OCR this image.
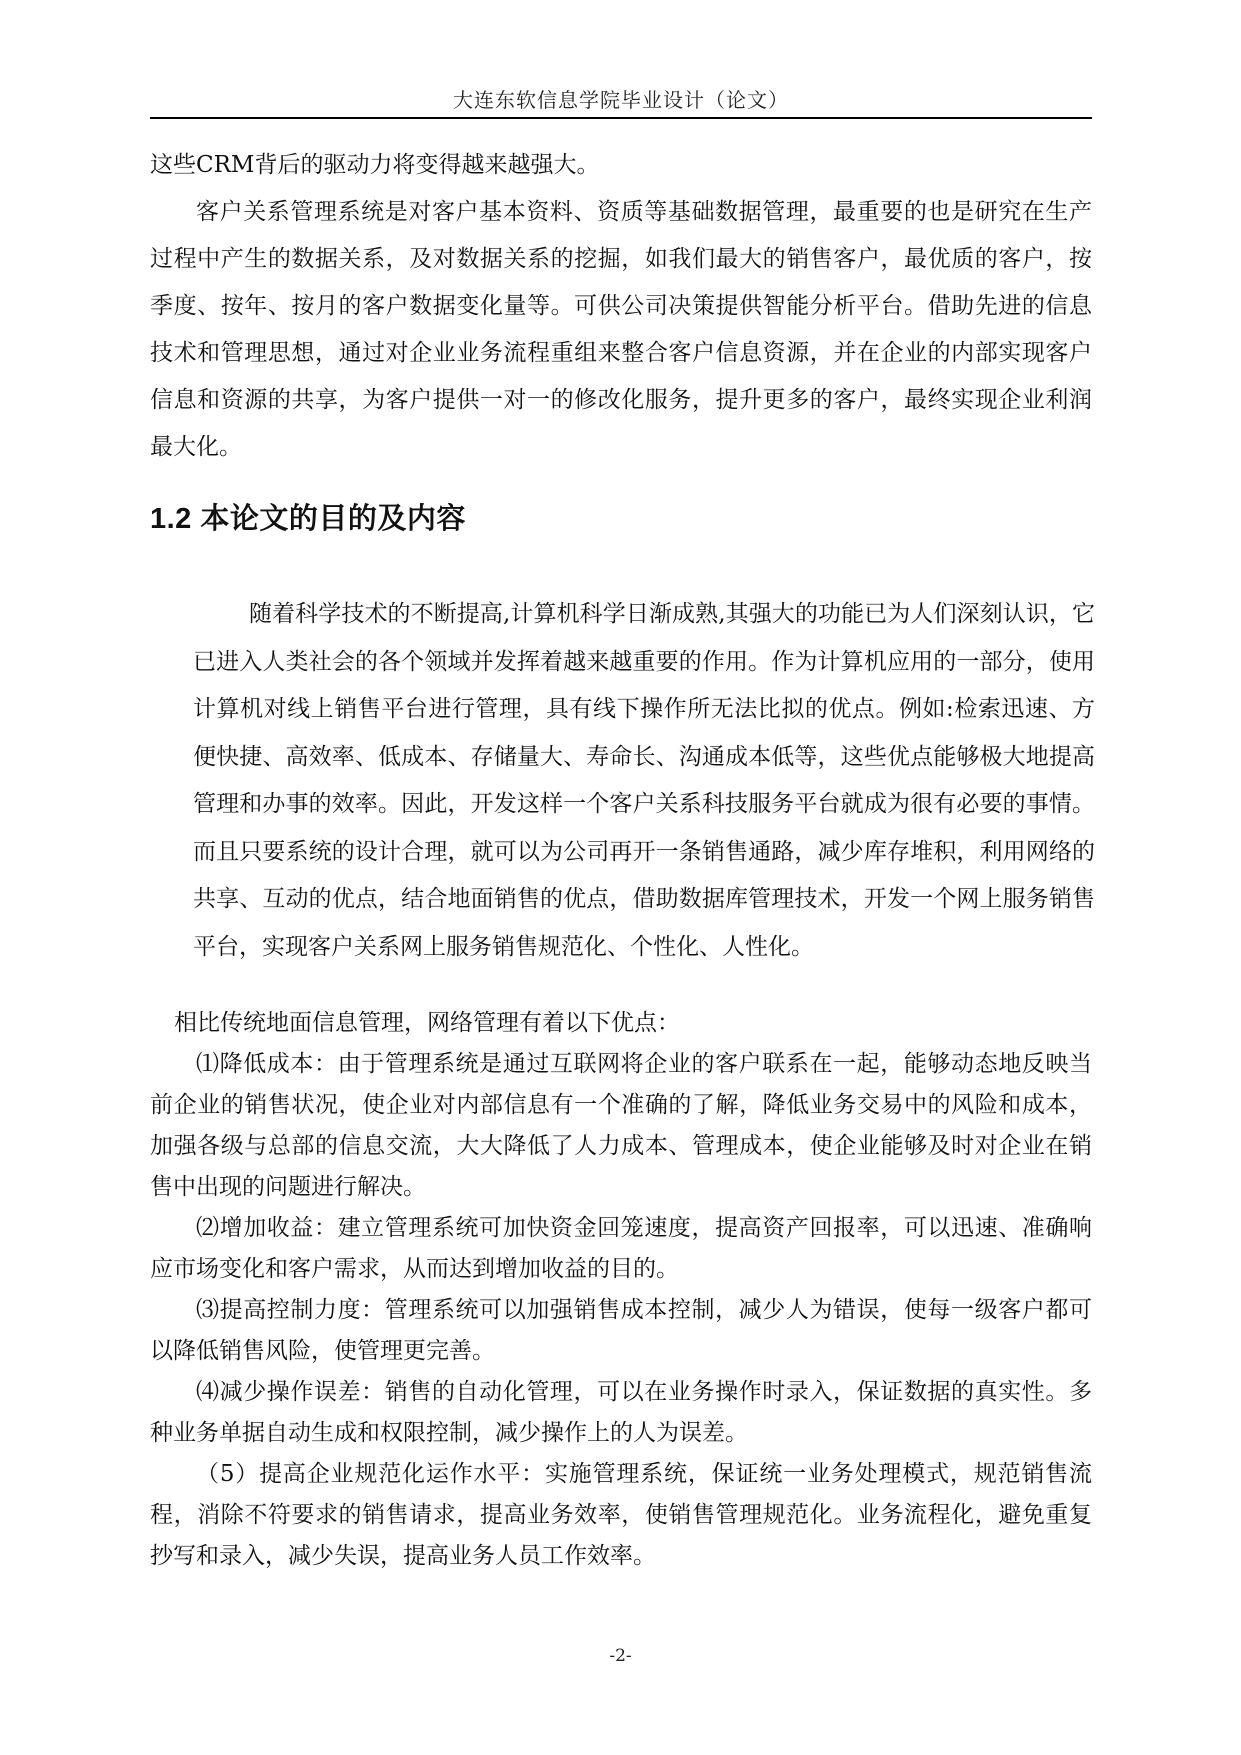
大连东软信息学院毕业设计（论文）

这些CRM背后的驱动力将变得越来越强大。

客户关系管理系统是对客户基本资料、资质等基础数据管理，最重要的也是研究在生产过程中产生的数据关系，及对数据关系的挖掘，如我们最大的销售客户，最优质的客户，按季度、按年、按月的客户数据变化量等。可供公司决策提供智能分析平台。借助先进的信息技术和管理思想，通过对企业业务流程重组来整合客户信息资源，并在企业的内部实现客户信息和资源的共享，为客户提供一对一的修改化服务，提升更多的客户，最终实现企业利润最大化。

1.2 本论文的目的及内容

随着科学技术的不断提高,计算机科学日渐成熟,其强大的功能已为人们深刻认识，它已进入人类社会的各个领域并发挥着越来越重要的作用。作为计算机应用的一部分，使用计算机对线上销售平台进行管理，具有线下操作所无法比拟的优点。例如:检索迅速、方便快捷、高效率、低成本、存储量大、寿命长、沟通成本低等，这些优点能够极大地提高管理和办事的效率。因此，开发这样一个客户关系科技服务平台就成为很有必要的事情。而且只要系统的设计合理，就可以为公司再开一条销售通路，减少库存堆积，利用网络的共享、互动的优点，结合地面销售的优点，借助数据库管理技术，开发一个网上服务销售平台，实现客户关系网上服务销售规范化、个性化、人性化。

相比传统地面信息管理，网络管理有着以下优点：

⑴降低成本：由于管理系统是通过互联网将企业的客户联系在一起，能够动态地反映当前企业的销售状况，使企业对内部信息有一个准确的了解，降低业务交易中的风险和成本，加强各级与总部的信息交流，大大降低了人力成本、管理成本，使企业能够及时对企业在销售中出现的问题进行解决。

⑵增加收益：建立管理系统可加快资金回笼速度，提高资产回报率，可以迅速、准确响应市场变化和客户需求，从而达到增加收益的目的。

⑶提高控制力度：管理系统可以加强销售成本控制，减少人为错误，使每一级客户都可以降低销售风险，使管理更完善。

⑷减少操作误差：销售的自动化管理，可以在业务操作时录入，保证数据的真实性。多种业务单据自动生成和权限控制，减少操作上的人为误差。

（5）提高企业规范化运作水平：实施管理系统，保证统一业务处理模式，规范销售流程，消除不符要求的销售请求，提高业务效率，使销售管理规范化。业务流程化，避免重复抄写和录入，减少失误，提高业务人员工作效率。

-2-
